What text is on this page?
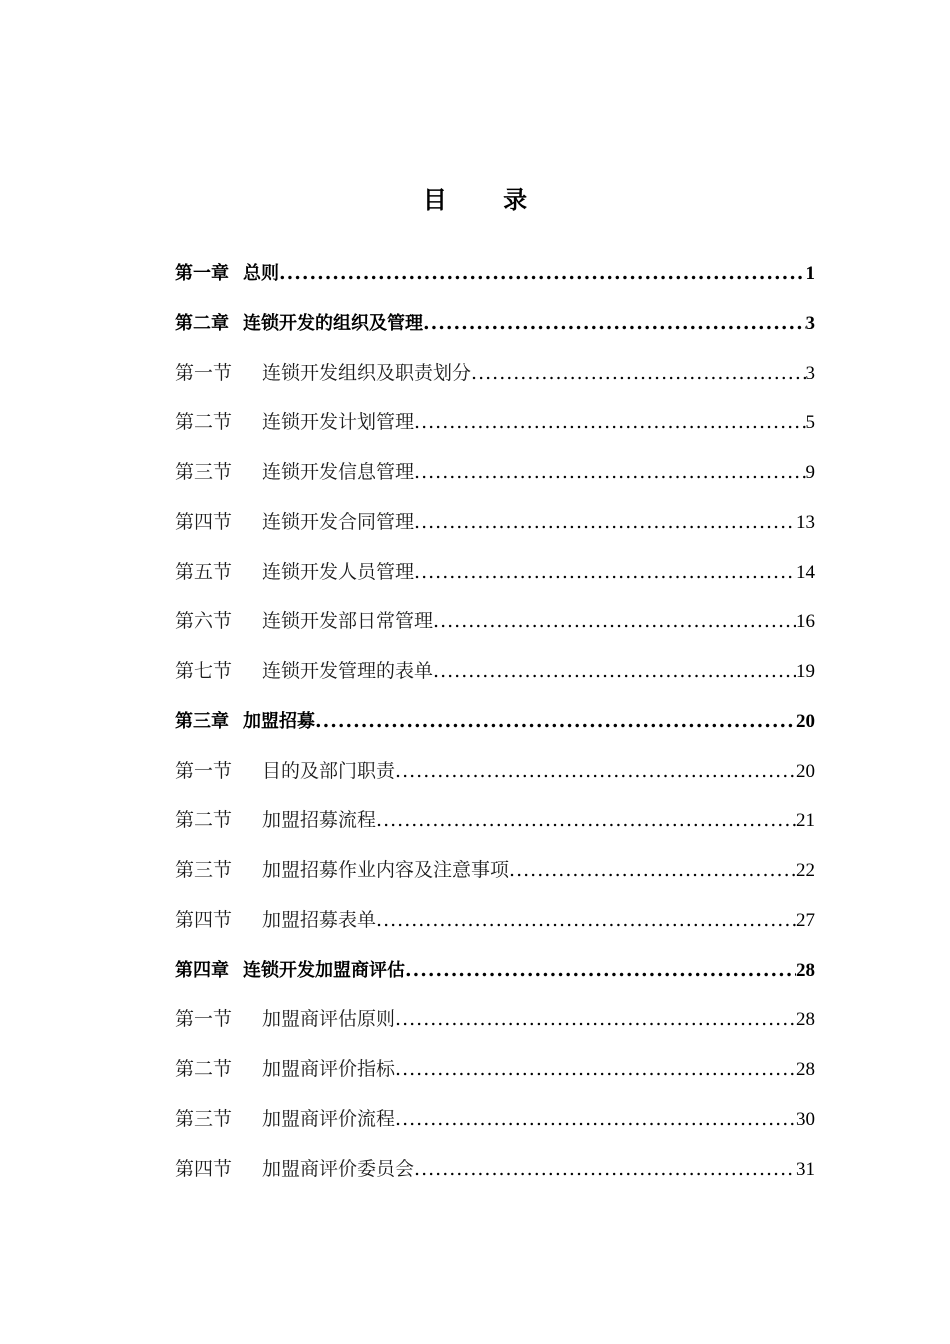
目 录
第一章 总则 .....	1
第二章 连锁开发的组织及管理 .....	3
第一节 连锁开发组织及职责划分 .....	3
第二节 连锁开发计划管理 .....	5
第三节 连锁开发信息管理 .....	9
第四节 连锁开发合同管理 .....	13
第五节 连锁开发人员管理 .....	14
第六节 连锁开发部日常管理 .....	16
第七节 连锁开发管理的表单 .....	19
第三章 加盟招募 .....	20
第一节 目的及部门职责 .....	20
第二节 加盟招募流程 .....	21
第三节 加盟招募作业内容及注意事项 .....	22
第四节 加盟招募表单 .....	27
第四章 连锁开发加盟商评估 .....	28
第一节 加盟商评估原则 .....	28
第二节 加盟商评价指标 .....	28
第三节 加盟商评价流程 .....	30
第四节 加盟商评价委员会 .....	31
